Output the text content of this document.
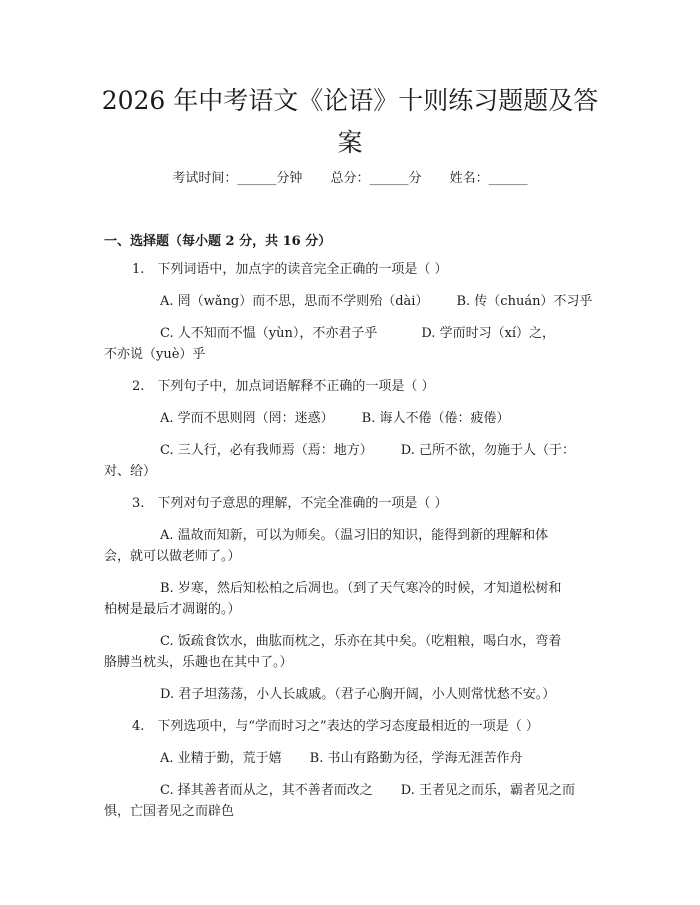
2026 年中考语文《论语》十则练习题题及答
案
考试时间：______分钟 总分：______分 姓名：______
一、选择题（每小题 2 分，共 16 分）
1.　下列词语中，加点字的读音完全正确的一项是（ ）
A. 罔（wǎng）而不思，思而不学则殆（dài） B. 传（chuán）不习乎
C. 人不知而不愠（yùn），不亦君子乎	D. 学而时习（xí）之，
不亦说（yuè）乎
2.　下列句子中，加点词语解释不正确的一项是（ ）
A. 学而不思则罔（罔：迷惑） B. 诲人不倦（倦：疲倦）
C. 三人行，必有我师焉（焉：地方） D. 己所不欲，勿施于人（于：
对、给）
3.　下列对句子意思的理解，不完全准确的一项是（ ）
A. 温故而知新，可以为师矣。（温习旧的知识，能得到新的理解和体
会，就可以做老师了。）
B. 岁寒，然后知松柏之后凋也。（到了天气寒冷的时候，才知道松树和
柏树是最后才凋谢的。）
C. 饭疏食饮水，曲肱而枕之，乐亦在其中矣。（吃粗粮，喝白水，弯着
胳膊当枕头，乐趣也在其中了。）
D. 君子坦荡荡，小人长戚戚。（君子心胸开阔，小人则常忧愁不安。）
4.　下列选项中，与“学而时习之”表达的学习态度最相近的一项是（ ）
A. 业精于勤，荒于嬉 B. 书山有路勤为径，学海无涯苦作舟
C. 择其善者而从之，其不善者而改之 D. 王者见之而乐，霸者见之而
惧，亡国者见之而辟色
